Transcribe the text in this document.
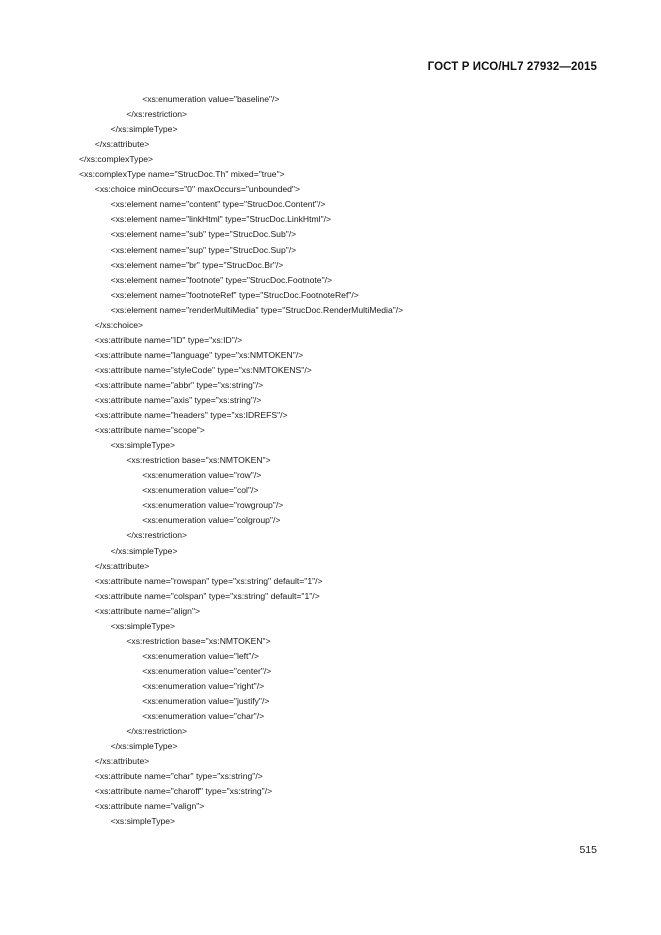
ГОСТ Р ИСО/HL7 27932—2015
<xs:enumeration value="baseline"/>
</xs:restriction>
</xs:simpleType>
</xs:attribute>
</xs:complexType>
<xs:complexType name="StrucDoc.Th" mixed="true">
<xs:choice minOccurs="0" maxOccurs="unbounded">
<xs:element name="content" type="StrucDoc.Content"/>
<xs:element name="linkHtml" type="StrucDoc.LinkHtml"/>
<xs:element name="sub" type="StrucDoc.Sub"/>
<xs:element name="sup" type="StrucDoc.Sup"/>
<xs:element name="br" type="StrucDoc.Br"/>
<xs:element name="footnote" type="StrucDoc.Footnote"/>
<xs:element name="footnoteRef" type="StrucDoc.FootnoteRef"/>
<xs:element name="renderMultiMedia" type="StrucDoc.RenderMultiMedia"/>
</xs:choice>
<xs:attribute name="ID" type="xs:ID"/>
<xs:attribute name="language" type="xs:NMTOKEN"/>
<xs:attribute name="styleCode" type="xs:NMTOKENS"/>
<xs:attribute name="abbr" type="xs:string"/>
<xs:attribute name="axis" type="xs:string"/>
<xs:attribute name="headers" type="xs:IDREFS"/>
<xs:attribute name="scope">
<xs:simpleType>
<xs:restriction base="xs:NMTOKEN">
<xs:enumeration value="row"/>
<xs:enumeration value="col"/>
<xs:enumeration value="rowgroup"/>
<xs:enumeration value="colgroup"/>
</xs:restriction>
</xs:simpleType>
</xs:attribute>
<xs:attribute name="rowspan" type="xs:string" default="1"/>
<xs:attribute name="colspan" type="xs:string" default="1"/>
<xs:attribute name="align">
<xs:simpleType>
<xs:restriction base="xs:NMTOKEN">
<xs:enumeration value="left"/>
<xs:enumeration value="center"/>
<xs:enumeration value="right"/>
<xs:enumeration value="justify"/>
<xs:enumeration value="char"/>
</xs:restriction>
</xs:simpleType>
</xs:attribute>
<xs:attribute name="char" type="xs:string"/>
<xs:attribute name="charoff" type="xs:string"/>
<xs:attribute name="valign">
<xs:simpleType>
515
